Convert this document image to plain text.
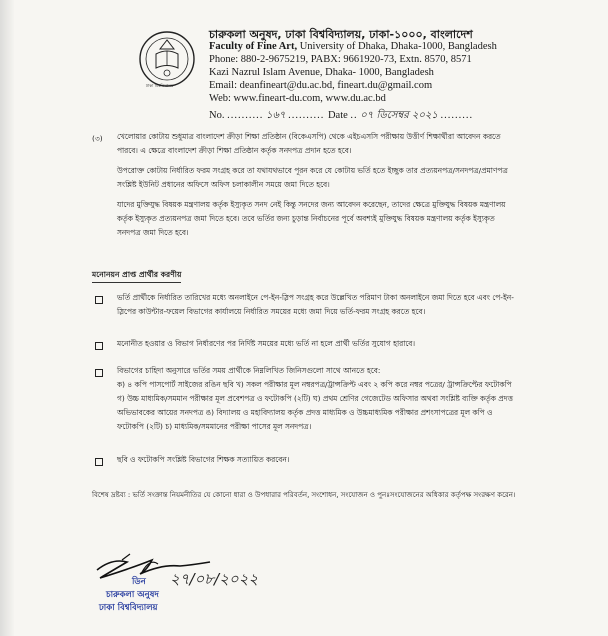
ঢাকা বিশ্ববিদ্যালয়
চারুকলা অনুষদ, ঢাকা বিশ্ববিদ্যালয়, ঢাকা-১০০০, বাংলাদেশ
Faculty of Fine Art, University of Dhaka, Dhaka-1000, Bangladesh
Phone: 880-2-9675219, PABX: 9661920-73, Extn. 8570, 8571
Kazi Nazrul Islam Avenue, Dhaka- 1000, Bangladesh
Email: deanfineart@du.ac.bd, fineart.du@gmail.com
Web: www.fineart-du.com, www.du.ac.bd
No. .......... ১৬৭ .......... Date .. ০৭ ডিসেম্বর ২০২১ .........
(৩) খেলোয়ার কোটায় শুধুমাত্র বাংলাদেশ ক্রীড়া শিক্ষা প্রতিষ্ঠান (বিকেএসপি) থেকে এইচএসসি পরীক্ষায় উত্তীর্ণ শিক্ষার্থীরা আবেদন করতে
পারবে। এ ক্ষেত্রে বাংলাদেশ ক্রীড়া শিক্ষা প্রতিষ্ঠান কর্তৃক সনদপত্র প্রদান হতে হবে।
উপরোক্ত কোটায় নির্ধারিত ফরম সংগ্রহ করে তা যথাযথভাবে পূরন করে যে কোটায় ভর্তি হতে ইচ্ছুক তার প্রত্যয়নপত্র/সনদপত্র/প্রমাণপত্র
সংশ্লিষ্ট ইউনিট প্রধানের অফিসে অফিস চলাকালীন সময়ে জমা দিতে হবে।
যাদের মুক্তিযুদ্ধ বিষয়ক মন্ত্রণালয় কর্তৃক ইস্যুকৃত সনদ নেই কিন্তু সনদের জন্য আবেদন করেছেন, তাদের ক্ষেত্রে মুক্তিযুদ্ধ বিষয়ক মন্ত্রণালয়
কর্তৃক ইস্যুকৃত প্রত্যয়নপত্র জমা দিতে হবে। তবে ভর্তির জন্য চুড়ান্ত নির্বাচনের পূর্বে অবশ্যই মুক্তিযুদ্ধ বিষয়ক মন্ত্রণালয় কর্তৃক ইস্যুকৃত
সনদপত্র জমা দিতে হবে।
মনোনয়ন প্রাপ্ত প্রার্থীর করণীয়
ভর্তি প্রার্থীকে নির্ধারিত তারিখের মধ্যে অনলাইনে পে-ইন-স্লিপ সংগ্রহ করে উল্লেখিত পরিমাণ টাকা অনলাইনে জমা দিতে হবে এবং পে-ইন-
স্লিপের কাউন্টার-ফয়েল বিভাগের কার্যালয়ে নির্ধারিত সময়ের মধ্যে জমা দিয়ে ভর্তি-ফরম সংগ্রহ করতে হবে।
মনোনীত হওয়ার ও বিভাগ নির্ধারণের পর নির্দিষ্ট সময়ের মধ্যে ভর্তি না হলে প্রার্থী ভর্তির সুযোগ হারাবে।
বিভাগের চাহিদা অনুসারে ভর্তির সময় প্রার্থীকে নিম্নলিখিত জিনিসগুলো সাথে আনতে হবে:
ক) ৪ কপি পাসপোর্ট সাইজের রঙিন ছবি খ) সকল পরীক্ষার মূল নম্বরপত্র/ট্রান্সক্রিপ্ট এবং ২ কপি করে নম্বর পত্রের/ ট্রান্সক্রিপ্টের ফটোকপি
গ) উচ্চ মাধ্যমিক/সমমান পরীক্ষার মূল প্রবেশপত্র ও ফটোকপি (২টি) ঘ) প্রথম শ্রেণির গেজেটেড অফিসার অথবা সংশ্লিষ্ট ব্যক্তি কর্তৃক প্রদত্ত
অভিভাবকের আয়ের সনদপত্র ঙ) বিদ্যালয় ও মহাবিদ্যালয় কর্তৃক প্রদত্ত মাধ্যমিক ও উচ্চমাধ্যমিক পরীক্ষার প্রশংসাপত্রের মূল কপি ও
ফটোকপি (২টি) চ) মাধ্যমিক/সমমানের পরীক্ষা পাসের মূল সনদপত্র।
ছবি ও ফটোকপি সংশ্লিষ্ট বিভাগের শিক্ষক সত্যায়িত করবেন।
বিশেষ দ্রষ্টব্য : ভর্তি সংক্রান্ত নিয়মনীতির যে কোনো ধারা ও উপধারার পরিবর্তন, সংশোধন, সংযোজন ও পুনঃসংযোজনের অধিকার কর্তৃপক্ষ সংরক্ষণ করেন।
২৭/০৮/২০২২
ডিন
চারুকলা অনুষদ
ঢাকা বিশ্ববিদ্যালয়
